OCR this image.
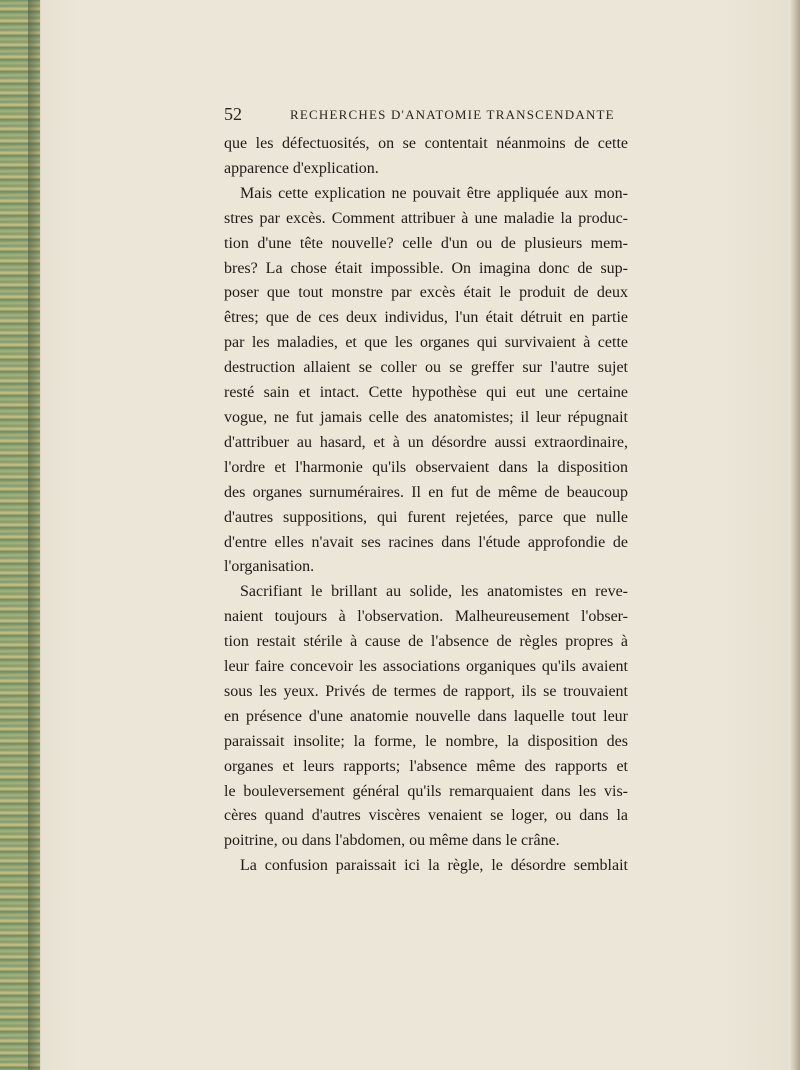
52	RECHERCHES D'ANATOMIE TRANSCENDANTE
que les défectuosités, on se contentait néanmoins de cette
apparence d'explication.
Mais cette explication ne pouvait être appliquée aux mon-
stres par excès. Comment attribuer à une maladie la produc-
tion d'une tête nouvelle? celle d'un ou de plusieurs mem-
bres? La chose était impossible. On imagina donc de sup-
poser que tout monstre par excès était le produit de deux
êtres; que de ces deux individus, l'un était détruit en partie
par les maladies, et que les organes qui survivaient à cette
destruction allaient se coller ou se greffer sur l'autre sujet
resté sain et intact. Cette hypothèse qui eut une certaine
vogue, ne fut jamais celle des anatomistes; il leur répugnait
d'attribuer au hasard, et à un désordre aussi extraordinaire,
l'ordre et l'harmonie qu'ils observaient dans la disposition
des organes surnuméraires. Il en fut de même de beaucoup
d'autres suppositions, qui furent rejetées, parce que nulle
d'entre elles n'avait ses racines dans l'étude approfondie de
l'organisation.
Sacrifiant le brillant au solide, les anatomistes en reve-
naient toujours à l'observation. Malheureusement l'obser-
tion restait stérile à cause de l'absence de règles propres à
leur faire concevoir les associations organiques qu'ils avaient
sous les yeux. Privés de termes de rapport, ils se trouvaient
en présence d'une anatomie nouvelle dans laquelle tout leur
paraissait insolite; la forme, le nombre, la disposition des
organes et leurs rapports; l'absence même des rapports et
le bouleversement général qu'ils remarquaient dans les vis-
cères quand d'autres viscères venaient se loger, ou dans la
poitrine, ou dans l'abdomen, ou même dans le crâne.
La confusion paraissait ici la règle, le désordre semblait
